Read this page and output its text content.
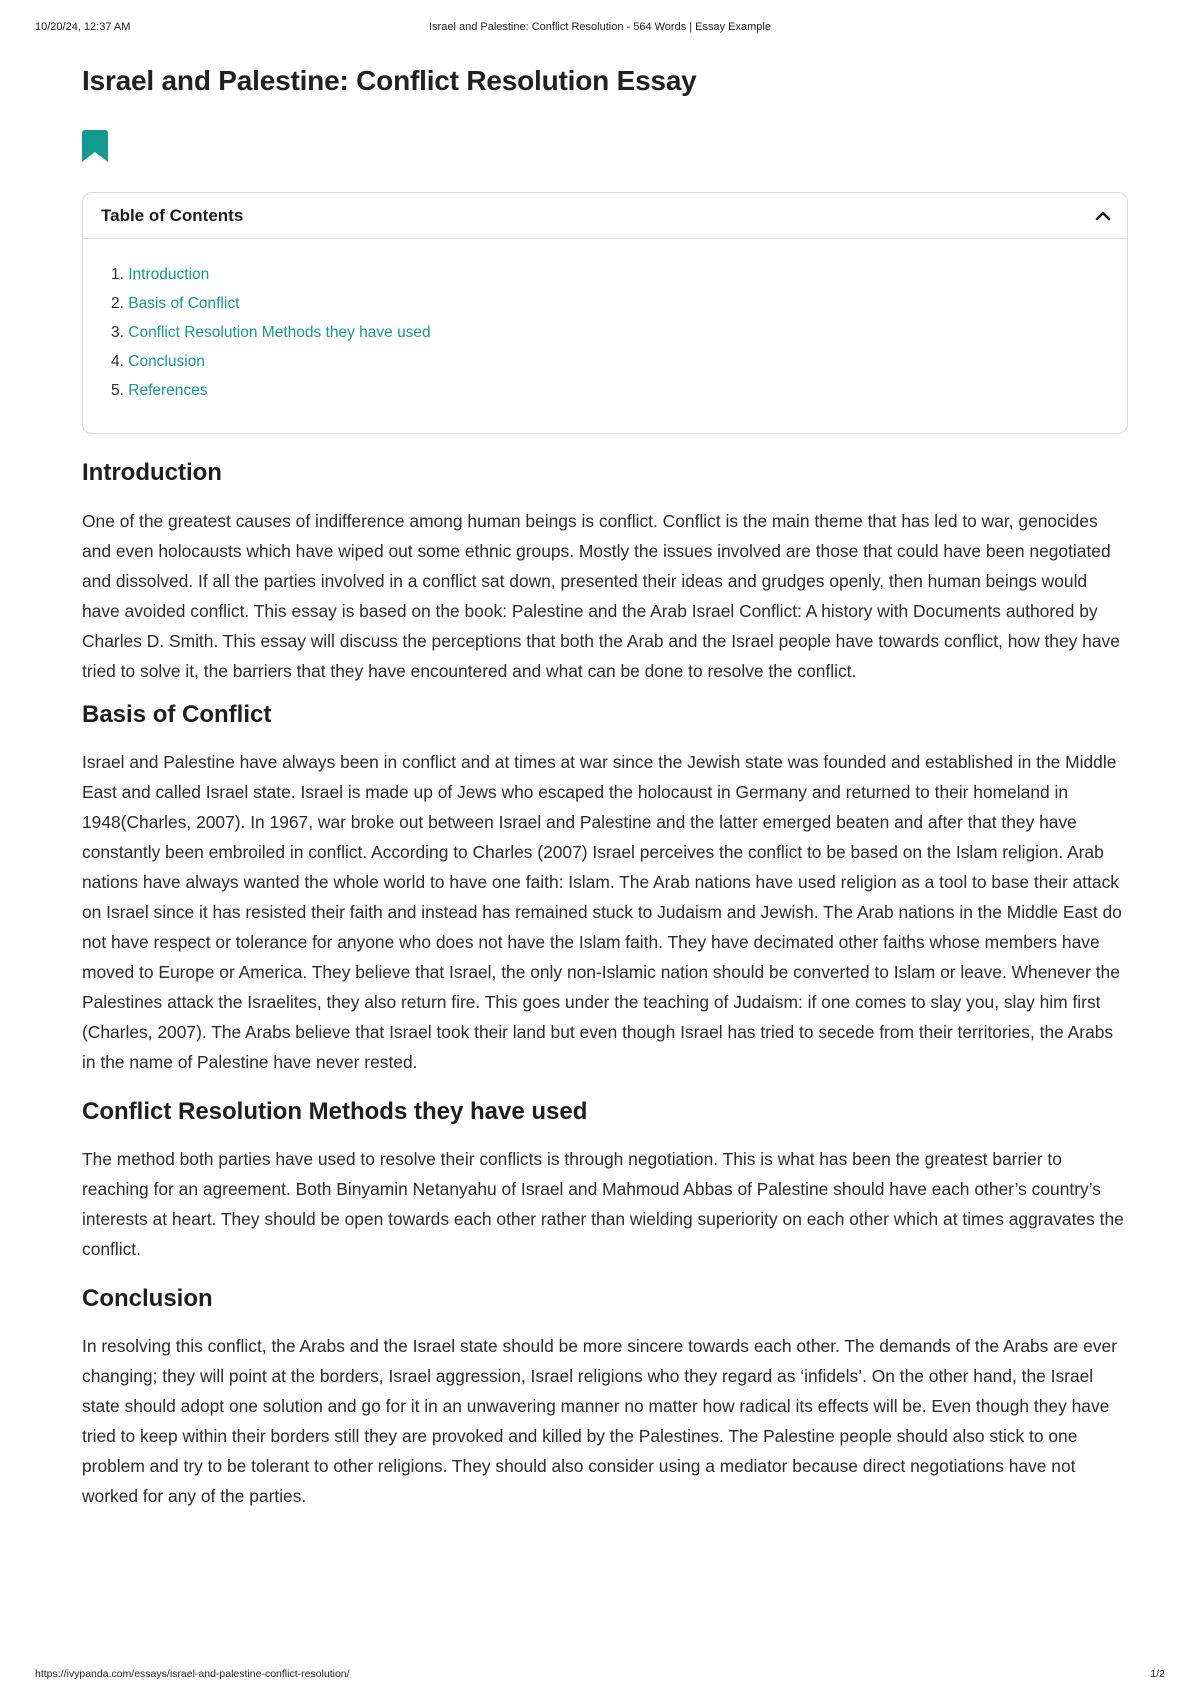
10/20/24, 12:37 AM	Israel and Palestine: Conflict Resolution - 564 Words | Essay Example
Israel and Palestine: Conflict Resolution Essay
Table of Contents
1. Introduction
2. Basis of Conflict
3. Conflict Resolution Methods they have used
4. Conclusion
5. References
Introduction

One of the greatest causes of indifference among human beings is conflict. Conflict is the main theme that has led to war, genocides and even holocausts which have wiped out some ethnic groups. Mostly the issues involved are those that could have been negotiated and dissolved. If all the parties involved in a conflict sat down, presented their ideas and grudges openly, then human beings would have avoided conflict. This essay is based on the book: Palestine and the Arab Israel Conflict: A history with Documents authored by Charles D. Smith. This essay will discuss the perceptions that both the Arab and the Israel people have towards conflict, how they have tried to solve it, the barriers that they have encountered and what can be done to resolve the conflict.

Basis of Conflict

Israel and Palestine have always been in conflict and at times at war since the Jewish state was founded and established in the Middle East and called Israel state. Israel is made up of Jews who escaped the holocaust in Germany and returned to their homeland in 1948(Charles, 2007). In 1967, war broke out between Israel and Palestine and the latter emerged beaten and after that they have constantly been embroiled in conflict. According to Charles (2007) Israel perceives the conflict to be based on the Islam religion. Arab nations have always wanted the whole world to have one faith: Islam. The Arab nations have used religion as a tool to base their attack on Israel since it has resisted their faith and instead has remained stuck to Judaism and Jewish. The Arab nations in the Middle East do not have respect or tolerance for anyone who does not have the Islam faith. They have decimated other faiths whose members have moved to Europe or America. They believe that Israel, the only non-Islamic nation should be converted to Islam or leave. Whenever the Palestines attack the Israelites, they also return fire. This goes under the teaching of Judaism: if one comes to slay you, slay him first (Charles, 2007). The Arabs believe that Israel took their land but even though Israel has tried to secede from their territories, the Arabs in the name of Palestine have never rested.

Conflict Resolution Methods they have used

The method both parties have used to resolve their conflicts is through negotiation. This is what has been the greatest barrier to reaching for an agreement. Both Binyamin Netanyahu of Israel and Mahmoud Abbas of Palestine should have each other’s country’s interests at heart. They should be open towards each other rather than wielding superiority on each other which at times aggravates the conflict.

Conclusion

In resolving this conflict, the Arabs and the Israel state should be more sincere towards each other. The demands of the Arabs are ever changing; they will point at the borders, Israel aggression, Israel religions who they regard as ‘infidels’. On the other hand, the Israel state should adopt one solution and go for it in an unwavering manner no matter how radical its effects will be. Even though they have tried to keep within their borders still they are provoked and killed by the Palestines. The Palestine people should also stick to one problem and try to be tolerant to other religions. They should also consider using a mediator because direct negotiations have not worked for any of the parties.

https://ivypanda.com/essays/israel-and-palestine-conflict-resolution/	1/2
